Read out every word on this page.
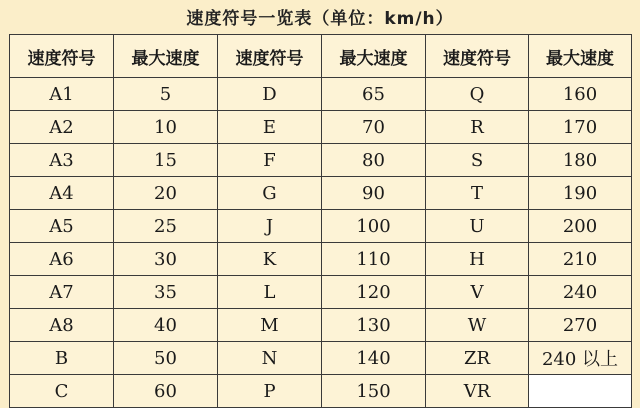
速度符号一览表（单位：km/h）
速度符号	最大速度	速度符号	最大速度	速度符号	最大速度
A1	5	D	65	Q	160
A2	10	E	70	R	170
A3	15	F	80	S	180
A4	20	G	90	T	190
A5	25	J	100	U	200
A6	30	K	110	H	210
A7	35	L	120	V	240
A8	40	M	130	W	270
B	50	N	140	ZR	240 以上
C	60	P	150	VR	
